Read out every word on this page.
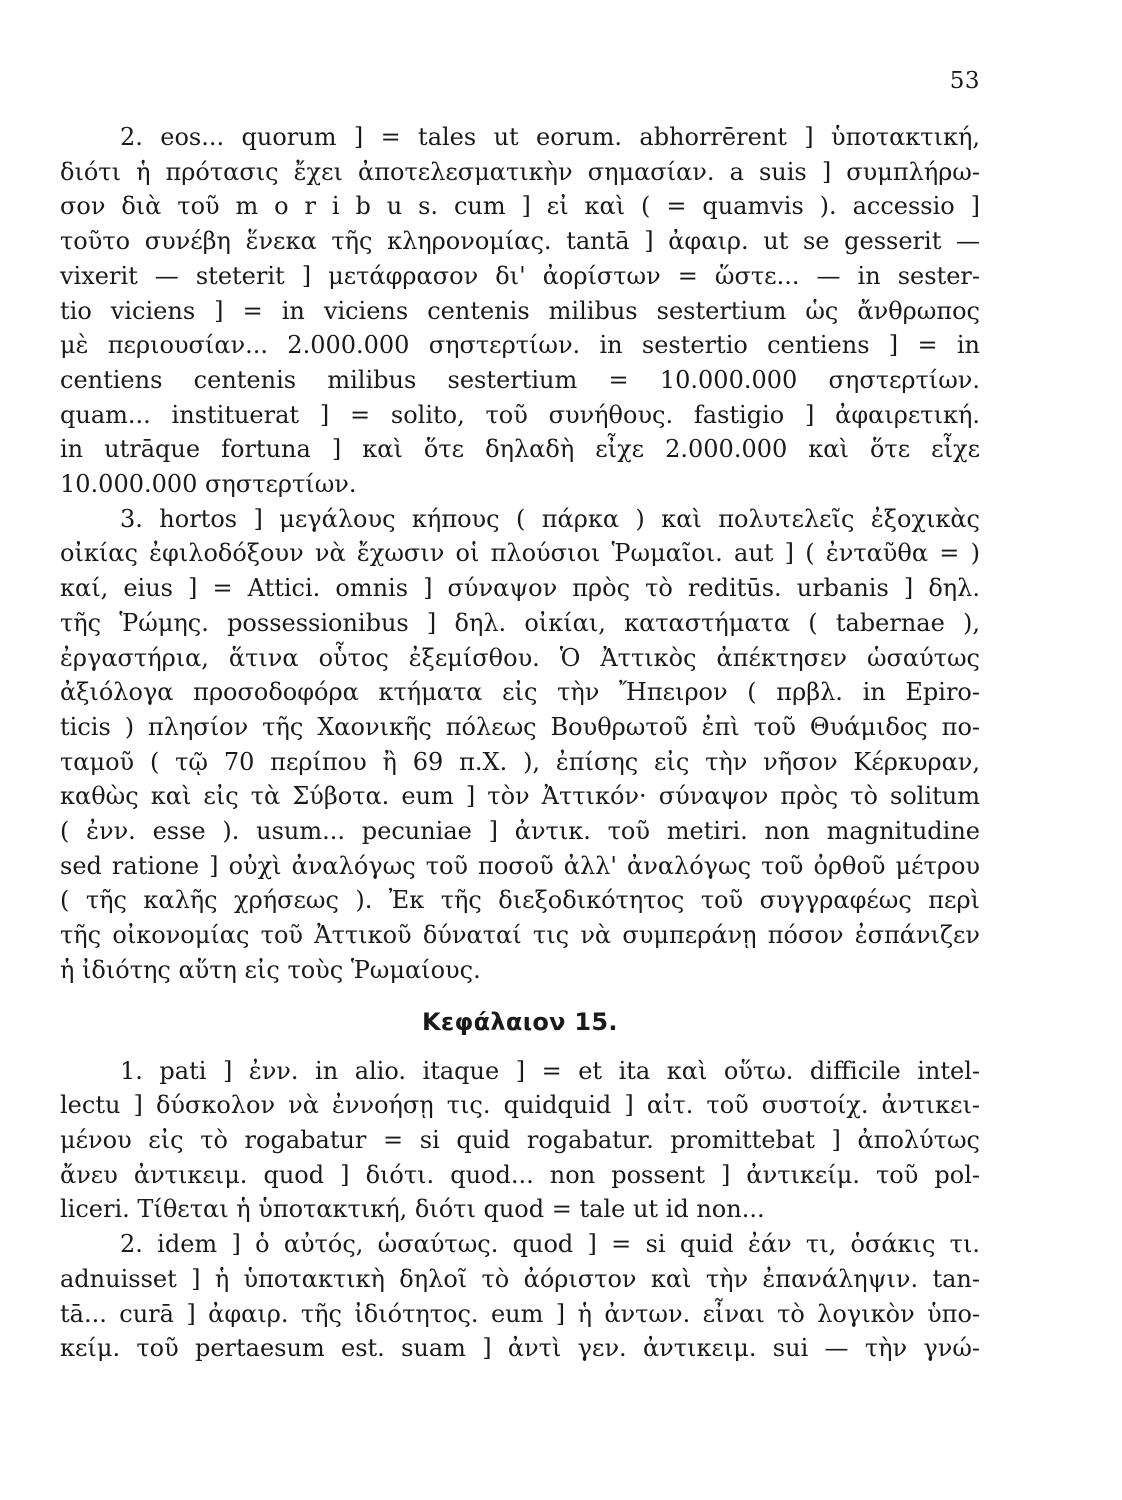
53

2. eos... quorum ] = tales ut eorum. abhorrērent ] ὑποτακτική,
διότι ἡ πρότασις ἔχει ἀποτελεσματικὴν σημασίαν. a suis ] συμπλήρω-
σον διὰ τοῦ m o r i b u s. cum ] εἰ καὶ ( = quamvis ). accessio ]
τοῦτο συνέβη ἕνεκα τῆς κληρονομίας. tantā ] ἀφαιρ. ut se gesserit —
vixerit — steterit ] μετάφρασον δι' ἀορίστων = ὥστε... — in sester-
tio viciens ] = in viciens centenis milibus sestertium ὡς ἄνθρωπος
μὲ περιουσίαν... 2.000.000 σηστερτίων. in sestertio centiens ] = in
centiens centenis milibus sestertium = 10.000.000 σηστερτίων.
quam... instituerat ] = solito, τοῦ συνήθους. fastigio ] ἀφαιρετική.
in utrāque fortuna ] καὶ ὅτε δηλαδὴ εἶχε 2.000.000 καὶ ὅτε εἶχε
10.000.000 σηστερτίων.

3. hortos ] μεγάλους κήπους ( πάρκα ) καὶ πολυτελεῖς ἐξοχικὰς
οἰκίας ἐφιλοδόξουν νὰ ἔχωσιν οἱ πλούσιοι Ῥωμαῖοι. aut ] ( ἐνταῦθα = )
καί, eius ] = Attici. omnis ] σύναψον πρὸς τὸ reditūs. urbanis ] δηλ.
τῆς Ῥώμης. possessionibus ] δηλ. οἰκίαι, καταστήματα ( tabernae ),
ἐργαστήρια, ἅτινα οὗτος ἐξεμίσθου. Ὁ Ἀττικὸς ἀπέκτησεν ὡσαύτως
ἀξιόλογα προσοδοφόρα κτήματα εἰς τὴν Ἤπειρον ( πρβλ. in Epiro-
ticis ) πλησίον τῆς Χαονικῆς πόλεως Βουθρωτοῦ ἐπὶ τοῦ Θυάμιδος πο-
ταμοῦ ( τῷ 70 περίπου ἢ 69 π.Χ. ), ἐπίσης εἰς τὴν νῆσον Κέρκυραν,
καθὼς καὶ εἰς τὰ Σύβοτα. eum ] τὸν Ἀττικόν· σύναψον πρὸς τὸ solitum
( ἐνν. esse ). usum... pecuniae ] ἀντικ. τοῦ metiri. non magnitudine
sed ratione ] οὐχὶ ἀναλόγως τοῦ ποσοῦ ἀλλ' ἀναλόγως τοῦ ὀρθοῦ μέτρου
( τῆς καλῆς χρήσεως ). Ἐκ τῆς διεξοδικότητος τοῦ συγγραφέως περὶ
τῆς οἰκονομίας τοῦ Ἀττικοῦ δύναταί τις νὰ συμπεράνῃ πόσον ἐσπάνιζεν
ἡ ἰδιότης αὕτη εἰς τοὺς Ῥωμαίους.

Κεφάλαιον 15.

1. pati ] ἐνν. in alio. itaque ] = et ita καὶ οὕτω. difficile intel-
lectu ] δύσκολον νὰ ἐννοήσῃ τις. quidquid ] αἰτ. τοῦ συστοίχ. ἀντικει-
μένου εἰς τὸ rogabatur = si quid rogabatur. promittebat ] ἀπολύτως
ἄνευ ἀντικειμ. quod ] διότι. quod... non possent ] ἀντικείμ. τοῦ pol-
liceri. Τίθεται ἡ ὑποτακτική, διότι quod = tale ut id non...

2. idem ] ὁ αὐτός, ὡσαύτως. quod ] = si quid ἐάν τι, ὁσάκις τι.
adnuisset ] ἡ ὑποτακτικὴ δηλοῖ τὸ ἀόριστον καὶ τὴν ἐπανάληψιν. tan-
tā... curā ] ἀφαιρ. τῆς ἰδιότητος. eum ] ἡ ἀντων. εἶναι τὸ λογικὸν ὑπο-
κείμ. τοῦ pertaesum est. suam ] ἀντὶ γεν. ἀντικειμ. sui — τὴν γνώ-
